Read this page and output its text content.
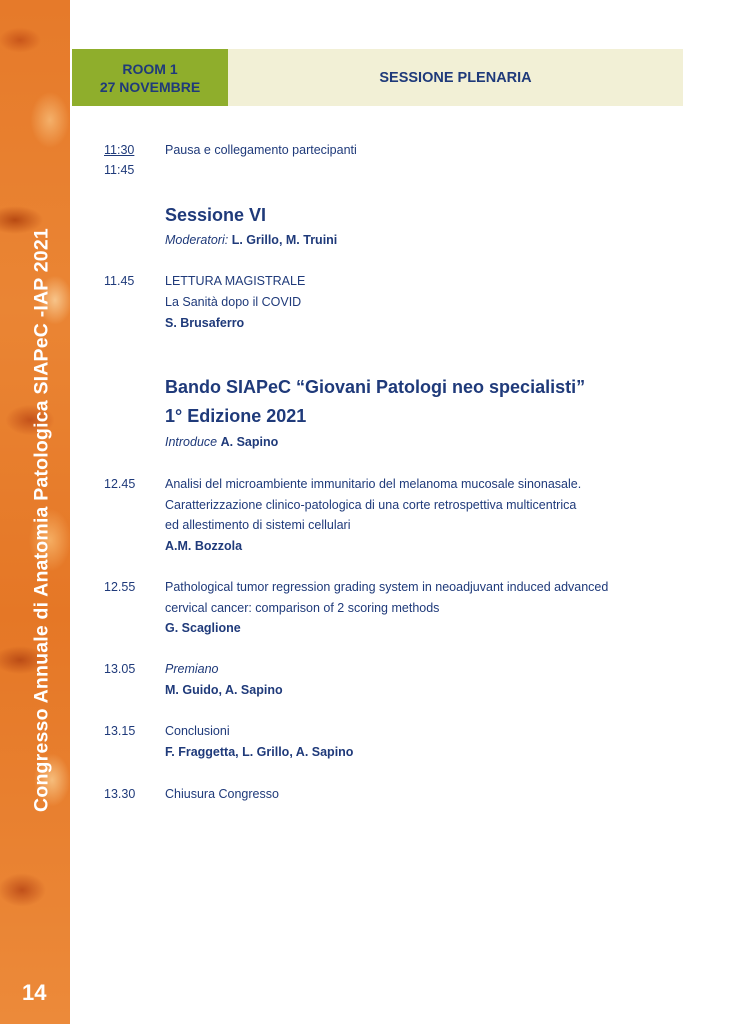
Congresso Annuale di Anatomia Patologica SIAPeC -IAP 2021
14
ROOM 1
27 NOVEMBRE
SESSIONE PLENARIA
11:30
11:45
Pausa e collegamento partecipanti
Sessione VI
Moderatori: L. Grillo, M. Truini
11.45 LETTURA MAGISTRALE
La Sanità dopo il COVID
S. Brusaferro
Bando SIAPeC “Giovani Patologi neo specialisti”
1° Edizione 2021
Introduce A. Sapino
12.45 Analisi del microambiente immunitario del melanoma mucosale sinonasale.
Caratterizzazione clinico-patologica di una corte retrospettiva multicentrica
ed allestimento di sistemi cellulari
A.M. Bozzola
12.55 Pathological tumor regression grading system in neoadjuvant induced advanced
cervical cancer: comparison of 2 scoring methods
G. Scaglione
13.05 Premiano
M. Guido, A. Sapino
13.15 Conclusioni
F. Fraggetta, L. Grillo, A. Sapino
13.30 Chiusura Congresso
